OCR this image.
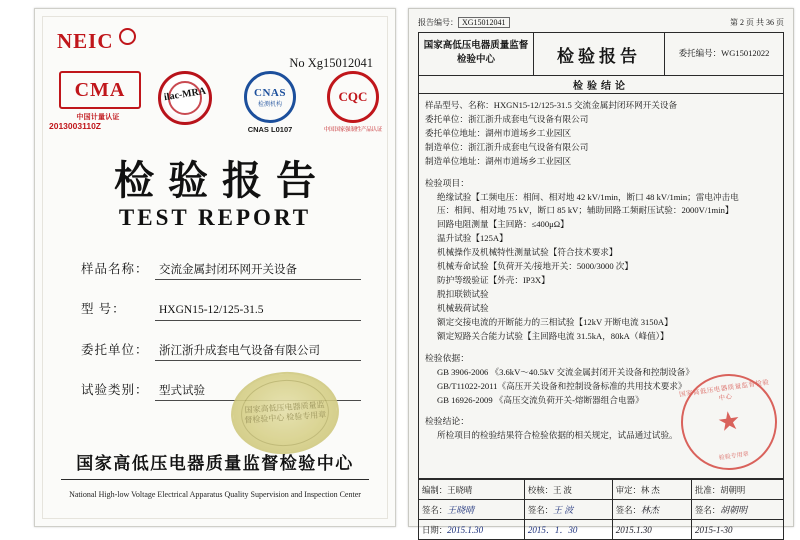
NEIC
No Xg15012041
CMA
中国计量认证
ilac-MRA	CNAS
检测机构
CNAS L0107
CQC
中国国家强制性产品认证
2013003110Z
检验报告
TEST REPORT
样品名称： 交流金属封闭环网开关设备
型 号：	HXGN15-12/125-31.5
委托单位： 浙江浙升成套电气设备有限公司
试验类别： 型式试验
国家高低压电器质量监督检验中心 检验专用章
国家高低压电器质量监督检验中心
National High-low Voltage Electrical Apparatus Quality Supervision and Inspection Center
报告编号： XG15012041	第 2 页 共 36 页
国家高低压电器质量监督检验中心	检验报告	委托编号： WG15012022
检验结论
样品型号、名称：HXGN15-12/125-31.5 交流金属封闭环网开关设备
委托单位：浙江浙升成套电气设备有限公司
委托单位地址：湖州市道场乡工业园区
制造单位：浙江浙升成套电气设备有限公司
制造单位地址：湖州市道场乡工业园区
检验项目：
绝缘试验【工频电压：相间、相对地 42 kV/1min，断口 48 kV/1min；雷电冲击电
压：相间、相对地 75 kV，断口 85 kV；辅助回路工频耐压试验：2000V/1min】
回路电阻测量【主回路：≤400μΩ】
温升试验【125A】
机械操作及机械特性测量试验【符合技术要求】
机械寿命试验【负荷开关/接地开关：5000/3000 次】
防护等级验证【外壳：IP3X】
脱扣联锁试验
机械载荷试验
额定交接电流的开断能力的三相试验【12kV 开断电流 3150A】
额定短路关合能力试验【主回路电流 31.5kA，80kA（峰值）】
检验依据：
GB 3906-2006 《3.6kV～40.5kV 交流金属封闭开关设备和控制设备》
GB/T11022-2011《高压开关设备和控制设备标准的共用技术要求》
GB 16926-2009 《高压交流负荷开关-熔断器组合电器》
检验结论：
所检项目的检验结果符合检验依据的相关规定，试品通过试验。
国家高低压电器质量监督检验中心
★
检验专用章
编制：王晓晴	校核：王 波	审定：林 杰	批准：胡朝明
签名：王晓晴	签名：王 波	签名：林杰	签名：胡朝明
日期：2015.1.30	2015．1．30	2015.1.30	2015-1-30
